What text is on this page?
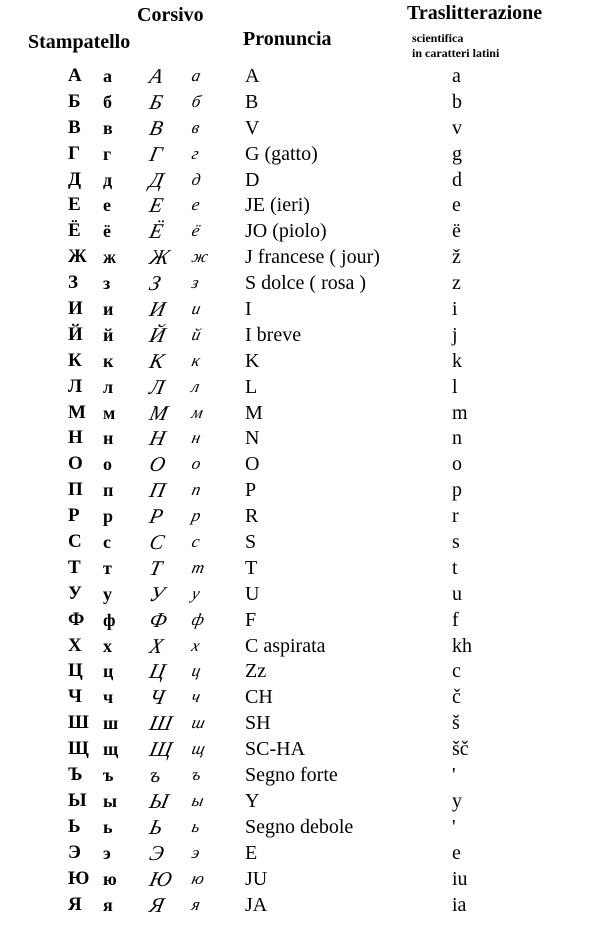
Corsivo
Stampatello	Pronuncia
Traslitterazione
scientifica
in caratteri latini
А а А а A	a
Б б Б б B	b
В в В в V	v
Г г Г г G (gatto)	g
Д д Д д D	d
Е е Е е JE (ieri)	e
Ё ё Ё ё JO (piolo)	ë
Ж ж Ж ж J francese ( jour)	ž
З з З з S dolce ( rosa )	z
И и И и I	i
Й й Й й I breve	j
К к К к K	k
Л л Л л L	l
М м М м M	m
Н н Н н N	n
О о О о O	o
П п П п P	p
Р р Р р R	r
С с С с S	s
Т т Т т T	t
У у У у U	u
Ф ф Ф ф F	f
Х х Х х C aspirata	kh
Ц ц Ц ц Zz	c
Ч ч Ч ч CH	č
Ш ш Ш ш SH	š
Щ щ Щ щ SC-HA	šč
Ъ ъ ъ ъ Segno forte	'
Ы ы Ы ы Y	y
Ь ь Ь ь Segno debole	'
Э э Э э E	e
Ю ю Ю ю JU	iu
Я я Я я JA	ia
